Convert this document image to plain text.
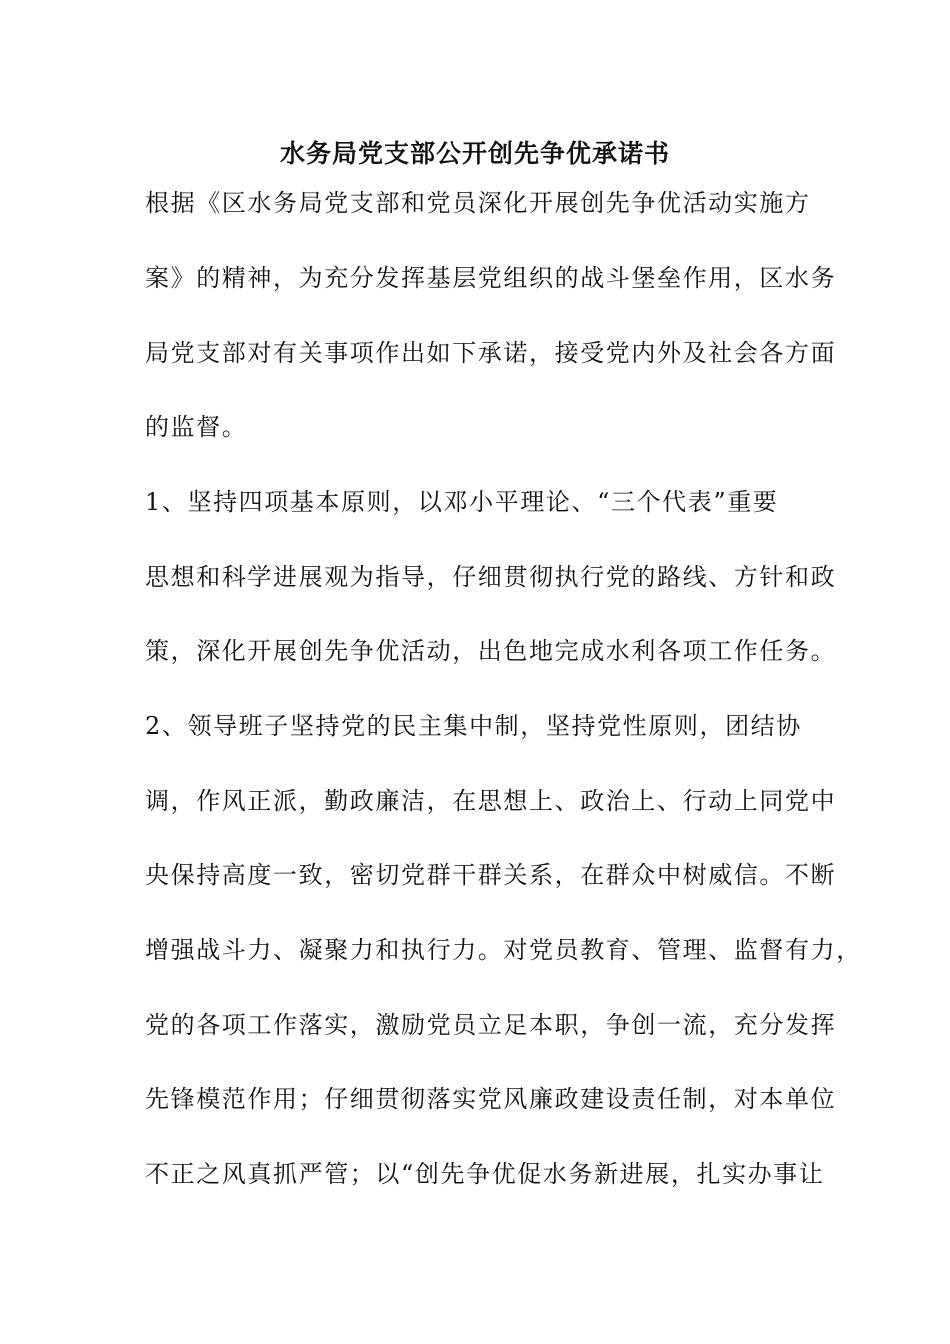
水务局党支部公开创先争优承诺书
根据《区水务局党支部和党员深化开展创先争优活动实施方
案》的精神，为充分发挥基层党组织的战斗堡垒作用，区水务
局党支部对有关事项作出如下承诺，接受党内外及社会各方面
的监督。
1、坚持四项基本原则，以邓小平理论、“三个代表”重要
思想和科学进展观为指导，仔细贯彻执行党的路线、方针和政
策，深化开展创先争优活动，出色地完成水利各项工作任务。
2、领导班子坚持党的民主集中制，坚持党性原则，团结协
调，作风正派，勤政廉洁，在思想上、政治上、行动上同党中
央保持高度一致，密切党群干群关系，在群众中树威信。不断
增强战斗力、凝聚力和执行力。对党员教育、管理、监督有力，
党的各项工作落实，激励党员立足本职，争创一流，充分发挥
先锋模范作用；仔细贯彻落实党风廉政建设责任制，对本单位
不正之风真抓严管；以“创先争优促水务新进展，扎实办事让
